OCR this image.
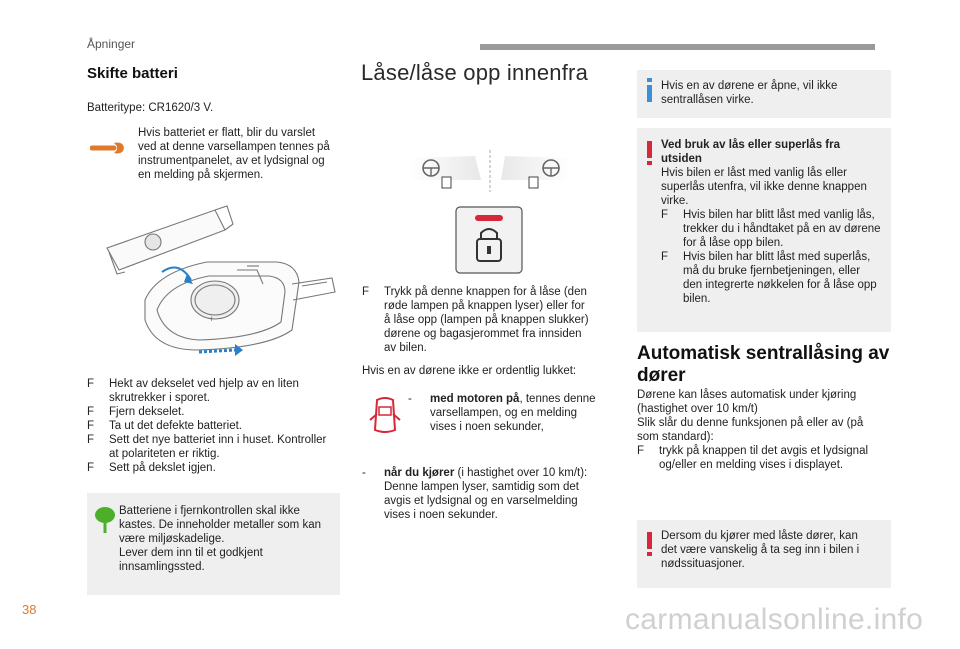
Åpninger
Skifte batteri
Batteritype: CR1620/3 V.
Hvis batteriet er flatt, blir du varslet
ved at denne varsellampen tennes på
instrumentpanelet, av et lydsignal og
en melding på skjermen.
+
F Hekt av dekselet ved hjelp av en liten
skrutrekker i sporet.
F Fjern dekselet.
F Ta ut det defekte batteriet.
F Sett det nye batteriet inn i huset. Kontroller
at polariteten er riktig.
F Sett på dekslet igjen.
Batteriene i fjernkontrollen skal ikke
kastes. De inneholder metaller som kan
være miljøskadelige.
Lever dem inn til et godkjent
innsamlingssted.
Låse/låse opp innenfra
F Trykk på denne knappen for å låse (den
røde lampen på knappen lyser) eller for
å låse opp (lampen på knappen slukker)
dørene og bagasjerommet fra innsiden
av bilen.
Hvis en av dørene ikke er ordentlig lukket:
- med motoren på, tennes denne
varsellampen, og en melding
vises i noen sekunder,
- når du kjører (i hastighet over 10 km/t):
Denne lampen lyser, samtidig som det
avgis et lydsignal og en varselmelding
vises i noen sekunder.
Hvis en av dørene er åpne, vil ikke
sentrallåsen virke.
Ved bruk av lås eller superlås fra
utsiden
Hvis bilen er låst med vanlig lås eller
superlås utenfra, vil ikke denne knappen
virke.
F Hvis bilen har blitt låst med vanlig lås,
trekker du i håndtaket på en av dørene
for å låse opp bilen.
F Hvis bilen har blitt låst med superlås,
må du bruke fjernbetjeningen, eller
den integrerte nøkkelen for å låse opp
bilen.
Automatisk sentrallåsing av
dører
Dørene kan låses automatisk under kjøring
(hastighet over 10 km/t)
Slik slår du denne funksjonen på eller av (på
som standard):
F trykk på knappen til det avgis et lydsignal
og/eller en melding vises i displayet.
Dersom du kjører med låste dører, kan
det være vanskelig å ta seg inn i bilen i
nødssituasjoner.
38	carmanualsonline.info
